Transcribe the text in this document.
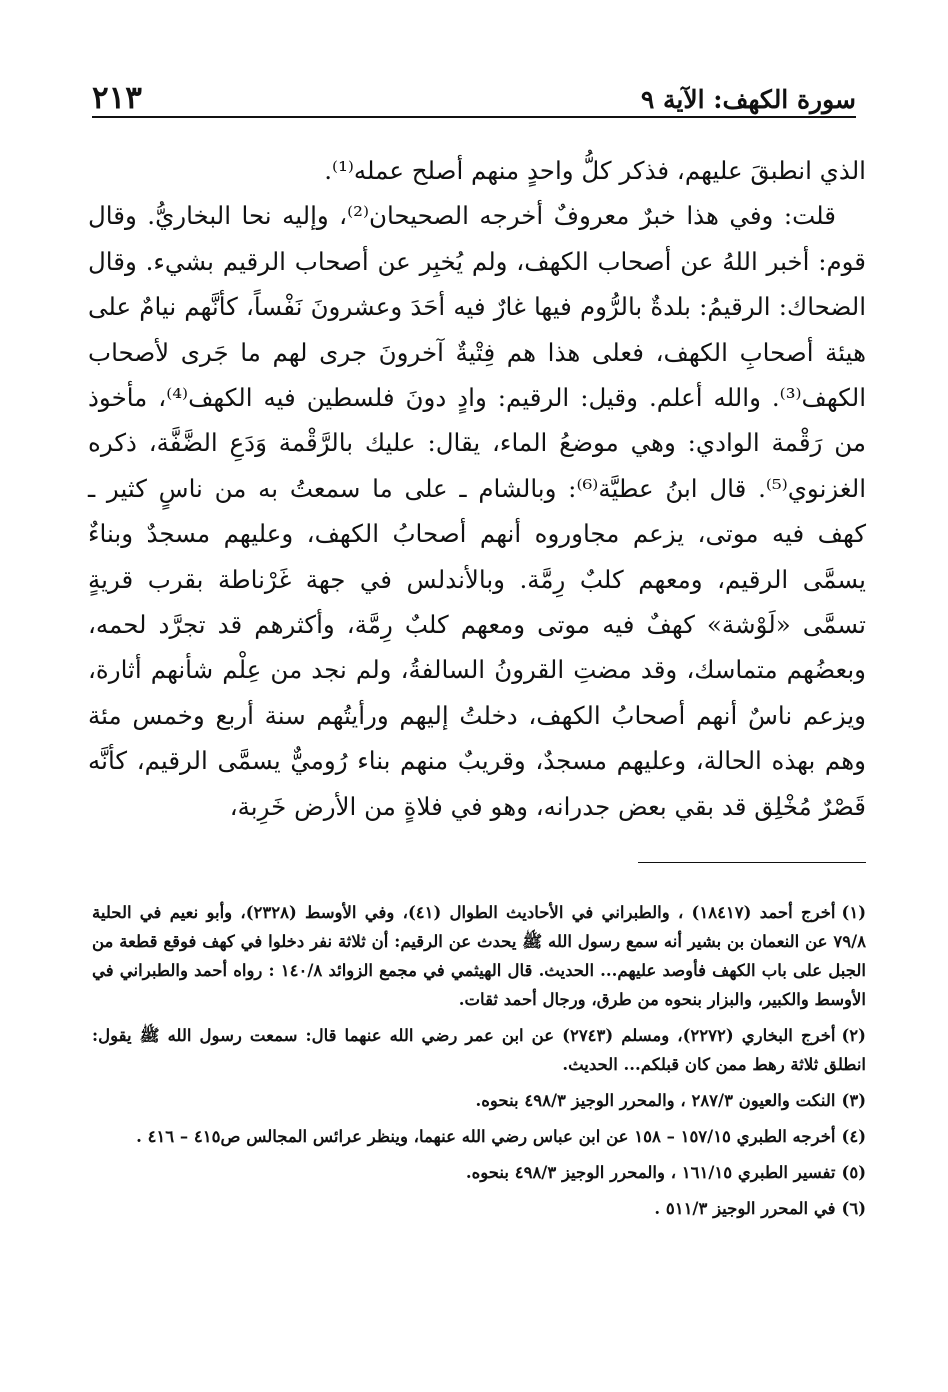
سورة الكهف: الآية ٩
٢١٣

الذي انطبقَ عليهم، فذكر كلُّ واحدٍ منهم أصلح عمله⁽¹⁾.

قلت: وفي هذا خبرٌ معروفٌ أخرجه الصحيحان⁽²⁾، وإليه نحا البخاريُّ. وقال قوم: أخبر اللهُ عن أصحاب الكهف، ولم يُخبِر عن أصحاب الرقيم بشيء. وقال الضحاك: الرقيمُ: بلدةٌ بالرُّوم فيها غارٌ فيه أحَدَ وعشرونَ نَفْساً، كأنَّهم نيامٌ على هيئة أصحابِ الكهف، فعلى هذا هم فِتْيةٌ آخرونَ جرى لهم ما جَرى لأصحاب الكهف⁽³⁾. والله أعلم. وقيل: الرقيم: وادٍ دونَ فلسطين فيه الكهف⁽⁴⁾، مأخوذ من رَقْمة الوادي: وهي موضعُ الماء، يقال: عليك بالرَّقْمة وَدَعِ الضَّفَّة، ذكره الغزنوي⁽⁵⁾. قال ابنُ عطيَّة⁽⁶⁾: وبالشام ـ على ما سمعتُ به من ناسٍ كثير ـ كهف فيه موتى، يزعم مجاوروه أنهم أصحابُ الكهف، وعليهم مسجدٌ وبناءٌ يسمَّى الرقيم، ومعهم كلبٌ رِمَّة. وبالأندلس في جهة غَرْناطة بقرب قريةٍ تسمَّى «لَوْشة» كهفٌ فيه موتى ومعهم كلبٌ رِمَّة، وأكثرهم قد تجرَّد لحمه، وبعضُهم متماسك، وقد مضتِ القرونُ السالفةُ، ولم نجد من عِلْم شأنهم أثارة، ويزعم ناسٌ أنهم أصحابُ الكهف، دخلتُ إليهم ورأيتُهم سنة أربع وخمس مئة وهم بهذه الحالة، وعليهم مسجدٌ، وقريبٌ منهم بناء رُوميٌّ يسمَّى الرقيم، كأنَّه قَصْرٌ مُخْلِق قد بقي بعض جدرانه، وهو في فلاةٍ من الأرض خَرِبة،

(١)أخرج أحمد (١٨٤١٧) ، والطبراني في الأحاديث الطوال (٤١)، وفي الأوسط (٢٣٢٨)، وأبو نعيم في الحلية ٧٩/٨ عن النعمان بن بشير أنه سمع رسول الله ﷺ يحدث عن الرقيم: أن ثلاثة نفر دخلوا في كهف فوقع قطعة من الجبل على باب الكهف فأوصد عليهم... الحديث. قال الهيثمي في مجمع الزوائد ١٤٠/٨ : رواه أحمد والطبراني في الأوسط والكبير، والبزار بنحوه من طرق، ورجال أحمد ثقات.
(٢)أخرج البخاري (٢٢٧٢)، ومسلم (٢٧٤٣) عن ابن عمر رضي الله عنهما قال: سمعت رسول الله ﷺ يقول: انطلق ثلاثة رهط ممن كان قبلكم... الحديث.
(٣)النكت والعيون ٢٨٧/٣ ، والمحرر الوجيز ٤٩٨/٣ بنحوه.
(٤)أخرجه الطبري ١٥٧/١٥ – ١٥٨ عن ابن عباس رضي الله عنهما، وينظر عرائس المجالس ص٤١٥ – ٤١٦ .
(٥)تفسير الطبري ١٦١/١٥ ، والمحرر الوجيز ٤٩٨/٣ بنحوه.
(٦)في المحرر الوجيز ٥١١/٣ .
